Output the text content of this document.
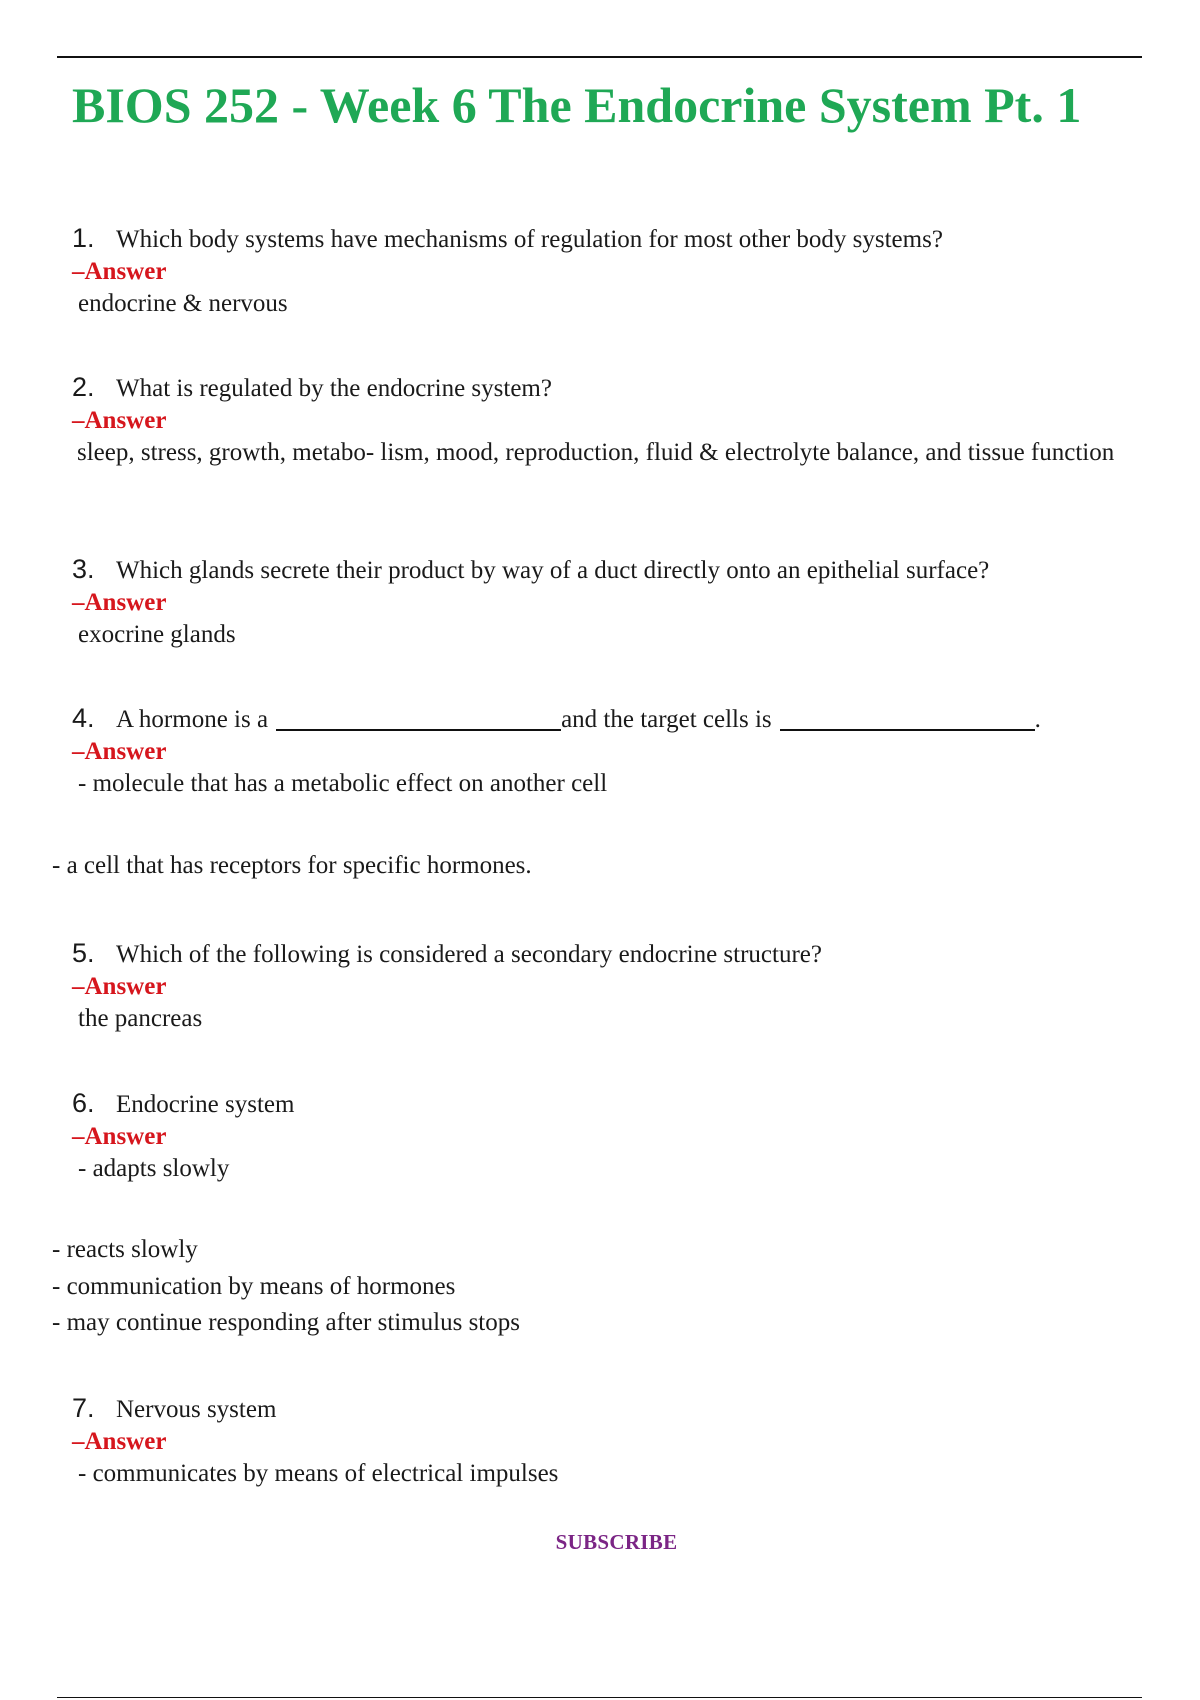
BIOS 252 - Week 6 The Endocrine System Pt. 1
1. Which body systems have mechanisms of regulation for most other body systems?
–Answer
endocrine & nervous
2. What is regulated by the endocrine system?
–Answer
sleep, stress, growth, metabo- lism, mood, reproduction, fluid & electrolyte balance, and tissue function
3. Which glands secrete their product by way of a duct directly onto an epithelial surface?
–Answer
exocrine glands
4. A hormone is a	and the target cells is	.
–Answer
- molecule that has a metabolic effect on another cell
- a cell that has receptors for specific hormones.
5. Which of the following is considered a secondary endocrine structure?
–Answer
the pancreas
6. Endocrine system
–Answer
- adapts slowly
- reacts slowly
- communication by means of hormones
- may continue responding after stimulus stops
7. Nervous system
–Answer
- communicates by means of electrical impulses
SUBSCRIBE
